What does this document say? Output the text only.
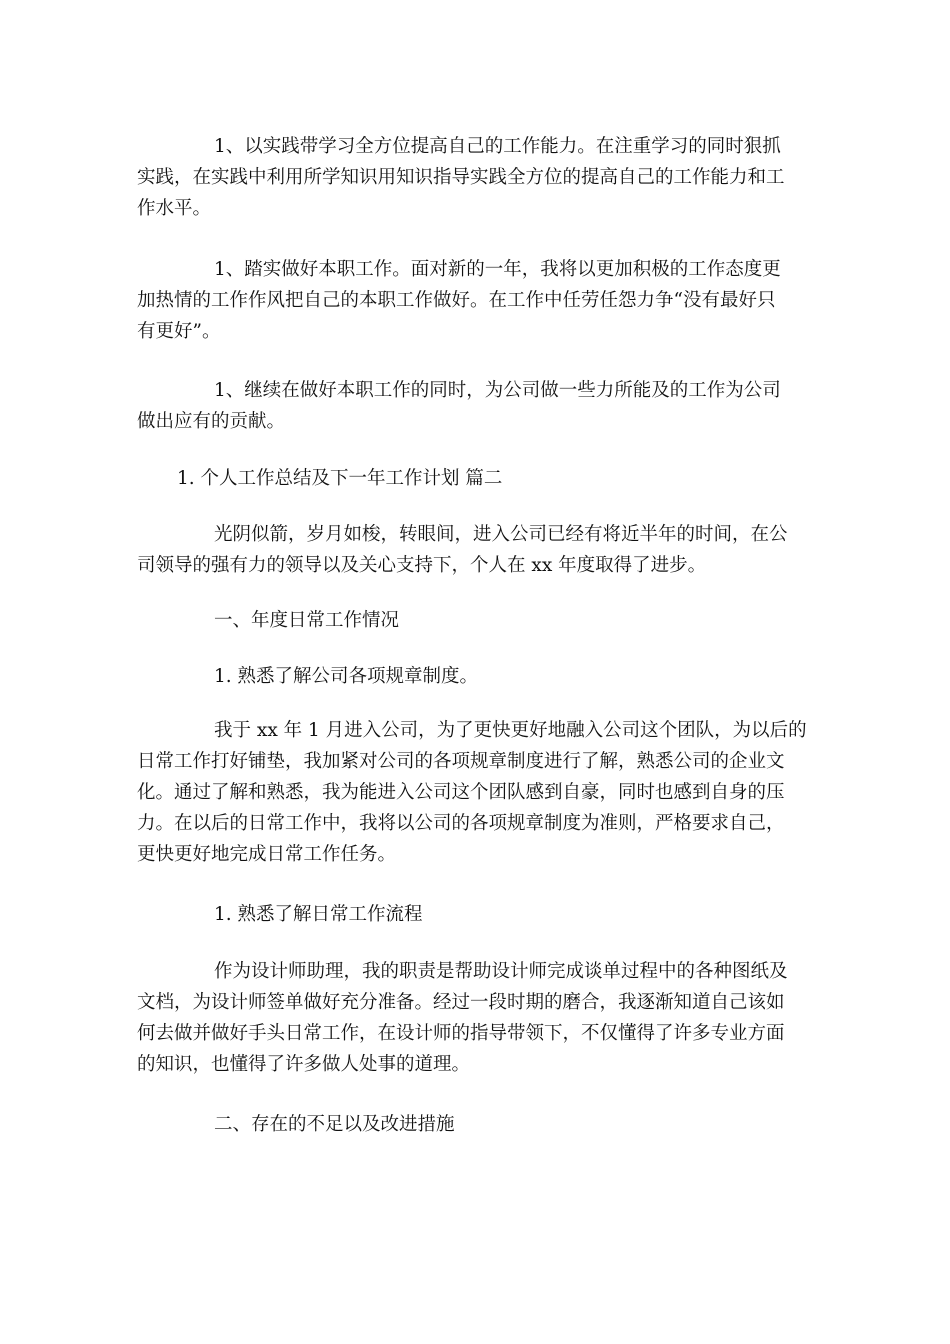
1、以实践带学习全方位提高自己的工作能力。在注重学习的同时狠抓
实践，在实践中利用所学知识用知识指导实践全方位的提高自己的工作能力和工
作水平。
1、踏实做好本职工作。面对新的一年，我将以更加积极的工作态度更
加热情的工作作风把自己的本职工作做好。在工作中任劳任怨力争“没有最好只
有更好”。
1、继续在做好本职工作的同时，为公司做一些力所能及的工作为公司
做出应有的贡献。
1. 个人工作总结及下一年工作计划 篇二
光阴似箭，岁月如梭，转眼间，进入公司已经有将近半年的时间，在公
司领导的强有力的领导以及关心支持下，个人在 xx 年度取得了进步。
一、年度日常工作情况
1. 熟悉了解公司各项规章制度。
我于 xx 年 1 月进入公司，为了更快更好地融入公司这个团队，为以后的
日常工作打好铺垫，我加紧对公司的各项规章制度进行了解，熟悉公司的企业文
化。通过了解和熟悉，我为能进入公司这个团队感到自豪，同时也感到自身的压
力。在以后的日常工作中，我将以公司的各项规章制度为准则，严格要求自己，
更快更好地完成日常工作任务。
1. 熟悉了解日常工作流程
作为设计师助理，我的职责是帮助设计师完成谈单过程中的各种图纸及
文档，为设计师签单做好充分准备。经过一段时期的磨合，我逐渐知道自己该如
何去做并做好手头日常工作，在设计师的指导带领下，不仅懂得了许多专业方面
的知识，也懂得了许多做人处事的道理。
二、存在的不足以及改进措施
